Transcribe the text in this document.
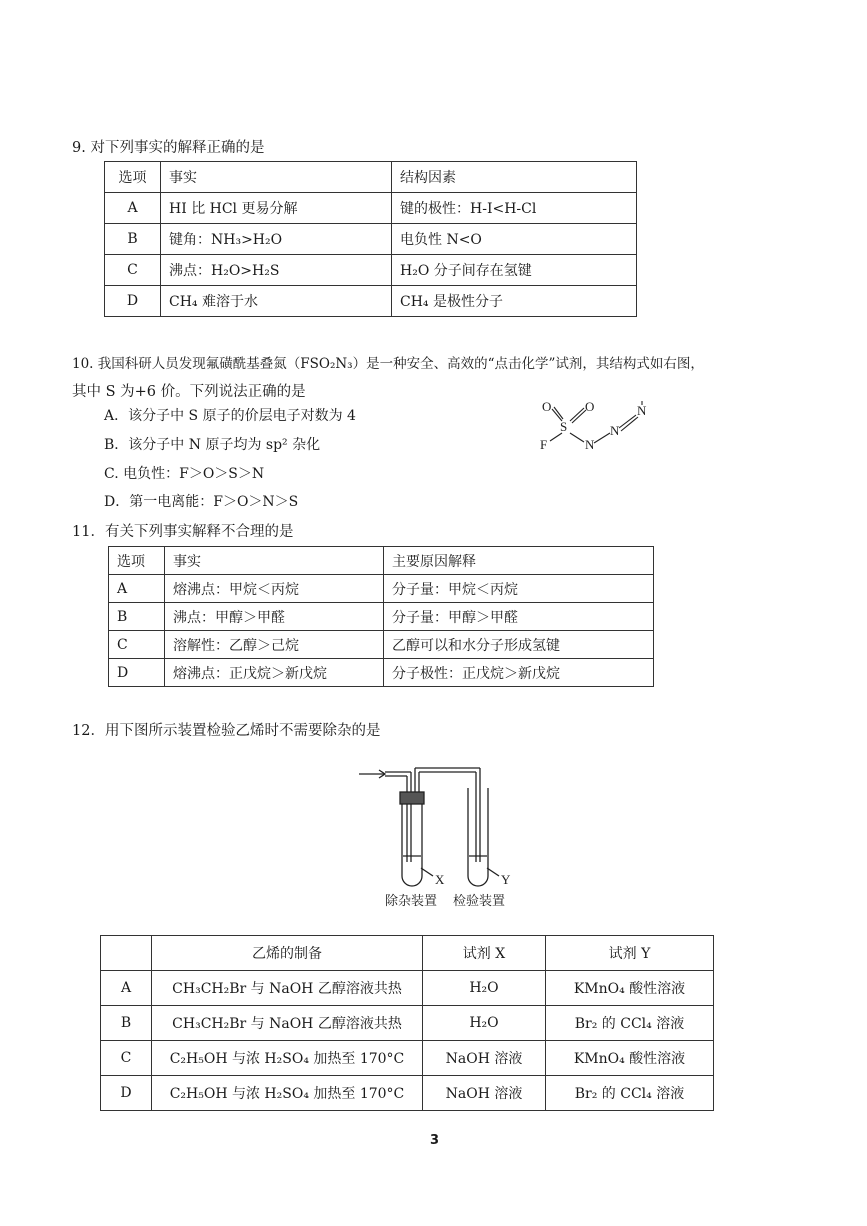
9. 对下列事实的解释正确的是
选项	事实	结构因素
A	HI 比 HCl 更易分解	键的极性：H-I<H-Cl
B	键角：NH₃>H₂O	电负性 N<O
C	沸点：H₂O>H₂S	H₂O 分子间存在氢键
D	CH₄ 难溶于水	CH₄ 是极性分子
10. 我国科研人员发现氟磺酰基叠氮（FSO₂N₃）是一种安全、高效的“点击化学”试剂，其结构式如右图，
其中 S 为+6 价。下列说法正确的是
A．该分子中 S 原子的价层电子对数为 4
B．该分子中 N 原子均为 sp² 杂化
C. 电负性：F＞O＞S＞N
D．第一电离能：F＞O＞N＞S
O	O
S
F	N
N
N
11．有关下列事实解释不合理的是
选项	事实	主要原因解释
A	熔沸点：甲烷＜丙烷	分子量：甲烷＜丙烷
B	沸点：甲醇＞甲醛	分子量：甲醇＞甲醛
C	溶解性：乙醇＞己烷	乙醇可以和水分子形成氢键
D	熔沸点：正戊烷＞新戊烷	分子极性：正戊烷＞新戊烷
12．用下图所示装置检验乙烯时不需要除杂的是
X	Y
除杂装置 检验装置
	乙烯的制备	试剂 X	试剂 Y
A	CH₃CH₂Br 与 NaOH 乙醇溶液共热	H₂O	KMnO₄ 酸性溶液
B	CH₃CH₂Br 与 NaOH 乙醇溶液共热	H₂O	Br₂ 的 CCl₄ 溶液
C	C₂H₅OH 与浓 H₂SO₄ 加热至 170°C	NaOH 溶液	KMnO₄ 酸性溶液
D	C₂H₅OH 与浓 H₂SO₄ 加热至 170°C	NaOH 溶液	Br₂ 的 CCl₄ 溶液
3
